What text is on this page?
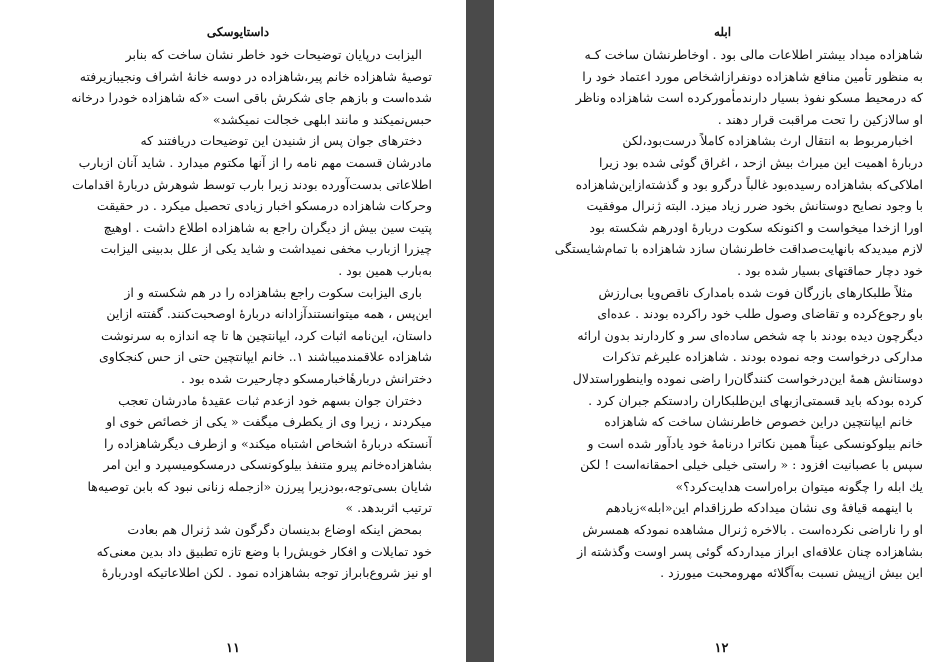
داستایوسکی
الیزابت درپایان توضیحات خود خاطر نشان ساخت که بنابر
توصیهٔ شاهزاده خانم پیر،شاهزاده در دوسه خانهٔ اشراف ونجیبازیرفته
شده‌است و بازهم جای شکرش باقی است «که شاهزاده خودرا درخانه
حبس‌نمیکند و مانند ابلهی خجالت نمیکشد»
دخترهای جوان پس از شنیدن این توضیحات دریافتند که
مادرشان قسمت مهم نامه را از آنها مکتوم میدارد . شاید آنان ازبارب
اطلاعاتی بدست‌آورده بودند زیرا بارب توسط شوهرش دربارهٔ اقدامات
وحرکات شاهزاده درمسکو اخبار زیادی تحصیل میکرد . در حقیقت
پتیت سین بیش از دیگران راجع به شاهزاده اطلاع داشت . اوهیچ
چیزرا ازبارب مخفی نمیداشت و شاید یکی از علل بدبینی الیزابت
به‌بارب همین بود .
باری الیزابت سکوت راجع بشاهزاده را در هم شکسته و از
این‌پس ، همه میتوانستندآزادانه دربارهٔ اوصحبت‌کنند. گفتته ازاین
داستان، این‌نامه اثبات کرد، ایپانتچین ها تا چه اندازه به سرنوشت
شاهزاده علاقمندمیباشند ۱.. خانم ایپانتچین حتی از حس کنجکاوی
دخترانش دربارهٔاخبارمسکو دچارحیرت شده بود .
دختران جوان بسهم خود ازعدم ثبات عقیدهٔ مادرشان تعجب
میکردند ، زیرا وی از یکطرف میگفت « یکی از خصائص خوی او
آنستکه دربارهٔ اشخاص اشتباه میکند» و ازطرف دیگرشاهزاده را
بشاهزاده‌خانم پیرو متنفذ بیلوکونسکی درمسکومیسپرد و این امر
شایان بسی‌توجه،بودزیرا پیرزن «ازجمله زنانی نبود که بابن توصیه‌ها
ترتیب اثربدهد. »
بمحض اینکه اوضاع بدینسان دگرگون شد ژنرال هم بعادت
خود تمایلات و افکار خویش‌را با وضع تازه تطبیق داد بدین معنی‌که
او نیز شروع‌بابراز توجه بشاهزاده نمود . لکن اطلاعاتیکه اودربارهٔ
۱۱
ابله
شاهزاده میداد بیشتر اطلاعات مالی بود . اوخاطرنشان ساخت کـه
به منظور تأمین منافع شاهزاده دونفرازاشخاص مورد اعتماد خود را
که درمحیط مسکو نفوذ بسیار دارندمأمورکرده است شاهزاده وناظر
او سالازکین را تحت مراقبت قرار دهند .
اخبارمربوط به انتقال ارث بشاهزاده کاملاً درست‌بود،لکن
دربارهٔ اهمیت این میراث بیش ازحد ، اغراق گوئی شده بود زیرا
املاکی‌که بشاهزاده رسیده‌بود غالباً درگرو بود و گذشته‌ازاین‌شاهزاده
با وجود نصایح دوستانش بخود ضرر زیاد میزد. البته ژنرال موفقیت
اورا ازخدا میخواست و اکنونکه سکوت دربارهٔ اودرهم شکسته بود
لازم میدیدکه بانهایت‌صداقت خاطرنشان سازد شاهزاده با تمام‌شایستگی
خود دچار حماقتهای بسیار شده بود .
مثلاً طلبکارهای بازرگان فوت شده بامدارک ناقص‌ویا بی‌ارزش
باو رجوع‌کرده و تقاضای وصول طلب خود راکرده بودند . عده‌ای
دیگرچون دیده بودند با چه شخص ساده‌ای سر و کاردارند بدون ارائه
مدارکی درخواست وجه نموده بودند . شاهزاده علیرغم تذکرات
دوستانش همهٔ این‌درخواست کنندگان‌را راضی نموده واینطوراستدلال
کرده بودکه باید قسمتی‌ازبهای این‌طلبکاران رادستکم جبران کرد .
خانم ایپانتچین دراین خصوص خاطرنشان ساخت که شاهزاده
خانم بیلوکونسکی عیناً همین نکاترا درنامهٔ خود یادآور شده است و
سپس با عصبانیت افزود : « راستی خیلی خیلی احمقانه‌است ! لکن
یك ابله را چگونه میتوان براه‌راست هدایت‌کرد؟»
با اینهمه قیافهٔ وی نشان میدادکه طرزاقدام این«ابله»زیادهم
او را ناراضی نکرده‌است . بالاخره ژنرال مشاهده نمودکه همسرش
بشاهزاده چنان علاقه‌ای ابراز میداردکه گوئی پسر اوست وگذشته از
این بیش ازپیش نسبت به‌آگلائه مهرومحبت میورزد .
۱۲
